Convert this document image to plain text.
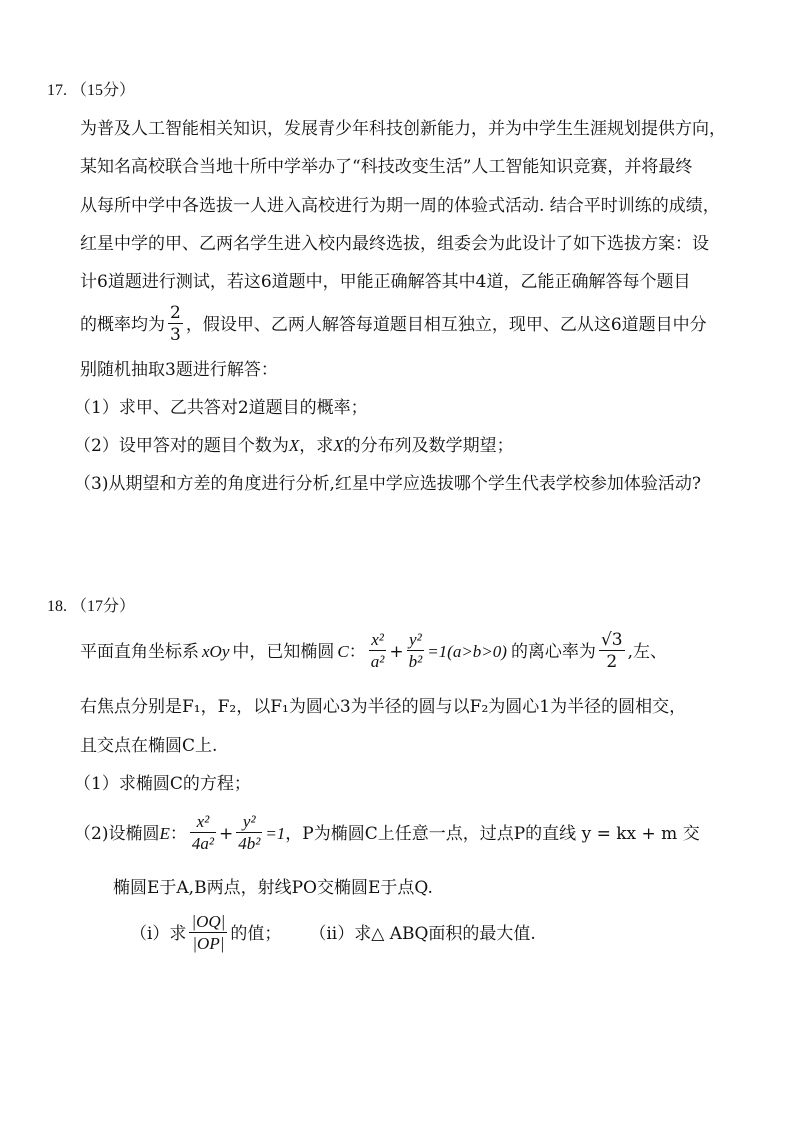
17. （15分）
为普及人工智能相关知识，发展青少年科技创新能力，并为中学生生涯规划提供方向，
某知名高校联合当地十所中学举办了“科技改变生活”人工智能知识竞赛，并将最终
从每所中学中各选拔一人进入高校进行为期一周的体验式活动. 结合平时训练的成绩，
红星中学的甲、乙两名学生进入校内最终选拔，组委会为此设计了如下选拔方案：设
计6道题进行测试，若这6道题中，甲能正确解答其中4道，乙能正确解答每个题目
的概率均为 $\frac{2}{3}$ ，假设甲、乙两人解答每道题目相互独立，现甲、乙从这6道题目中分
别随机抽取3题进行解答：
（1）求甲、乙共答对2道题目的概率；
（2）设甲答对的题目个数为X，求X的分布列及数学期望；
（3)从期望和方差的角度进行分析,红星中学应选拔哪个学生代表学校参加体验活动?
18. （17分）
平面直角坐标系 xOy 中，已知椭圆 C ： $\frac{\text{x²}}{\text{a²}} + \frac{\text{y²}}{\text{b²}} =1(a>b>0)$ 的离心率为 $\frac{√3}{2}$ ,左、
右焦点分别是F₁，F₂，以F₁为圆心3为半径的圆与以F₂为圆心1为半径的圆相交，
且交点在椭圆C上.
（1）求椭圆C的方程；
（2)设椭圆 E ： $\frac{\text{x²}}{\text{4a²}} + \frac{\text{y²}}{\text{4b²}} =1$ ，P为椭圆C上任意一点，过点P的直线 y = kx + m 交
椭圆E于A,B两点，射线PO交椭圆E于点Q.
（i）求 $\frac{|OQ|}{|OP|}$ 的值； （ii）求△ ABQ面积的最大值.
